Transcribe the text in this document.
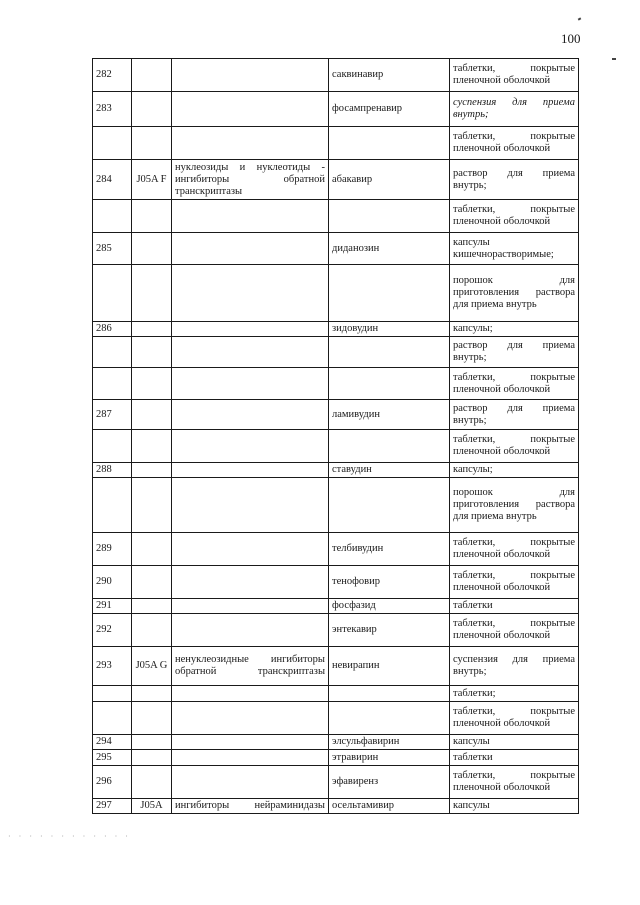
100
· · · · · · · · · · · ·
282			саквинавир	таблетки, покрытые пленочной оболочкой
283			фосампренавир	суспензия для приема внутрь;
				таблетки, покрытые пленочной оболочкой
284	J05A F	нуклеозиды и нуклеотиды - ингибиторы обратной транскриптазы	абакавир	раствор для приема внутрь;
				таблетки, покрытые пленочной оболочкой
285			диданозин	капсулы кишечнорастворимые;
				порошок для приготовления раствора для приема внутрь
286			зидовудин	капсулы;
				раствор для приема внутрь;
				таблетки, покрытые пленочной оболочкой
287			ламивудин	раствор для приема внутрь;
				таблетки, покрытые пленочной оболочкой
288			ставудин	капсулы;
				порошок для приготовления раствора для приема внутрь
289			телбивудин	таблетки, покрытые пленочной оболочкой
290			тенофовир	таблетки, покрытые пленочной оболочкой
291			фосфазид	таблетки
292			энтекавир	таблетки, покрытые пленочной оболочкой
293	J05A G	ненуклеозидные ингибиторы обратной транскриптазы	невирапин	суспензия для приема внутрь;
				таблетки;
				таблетки, покрытые пленочной оболочкой
294			элсульфавирин	капсулы
295			этравирин	таблетки
296			эфавиренз	таблетки, покрытые пленочной оболочкой
297	J05A	ингибиторы нейраминидазы	осельтамивир	капсулы
